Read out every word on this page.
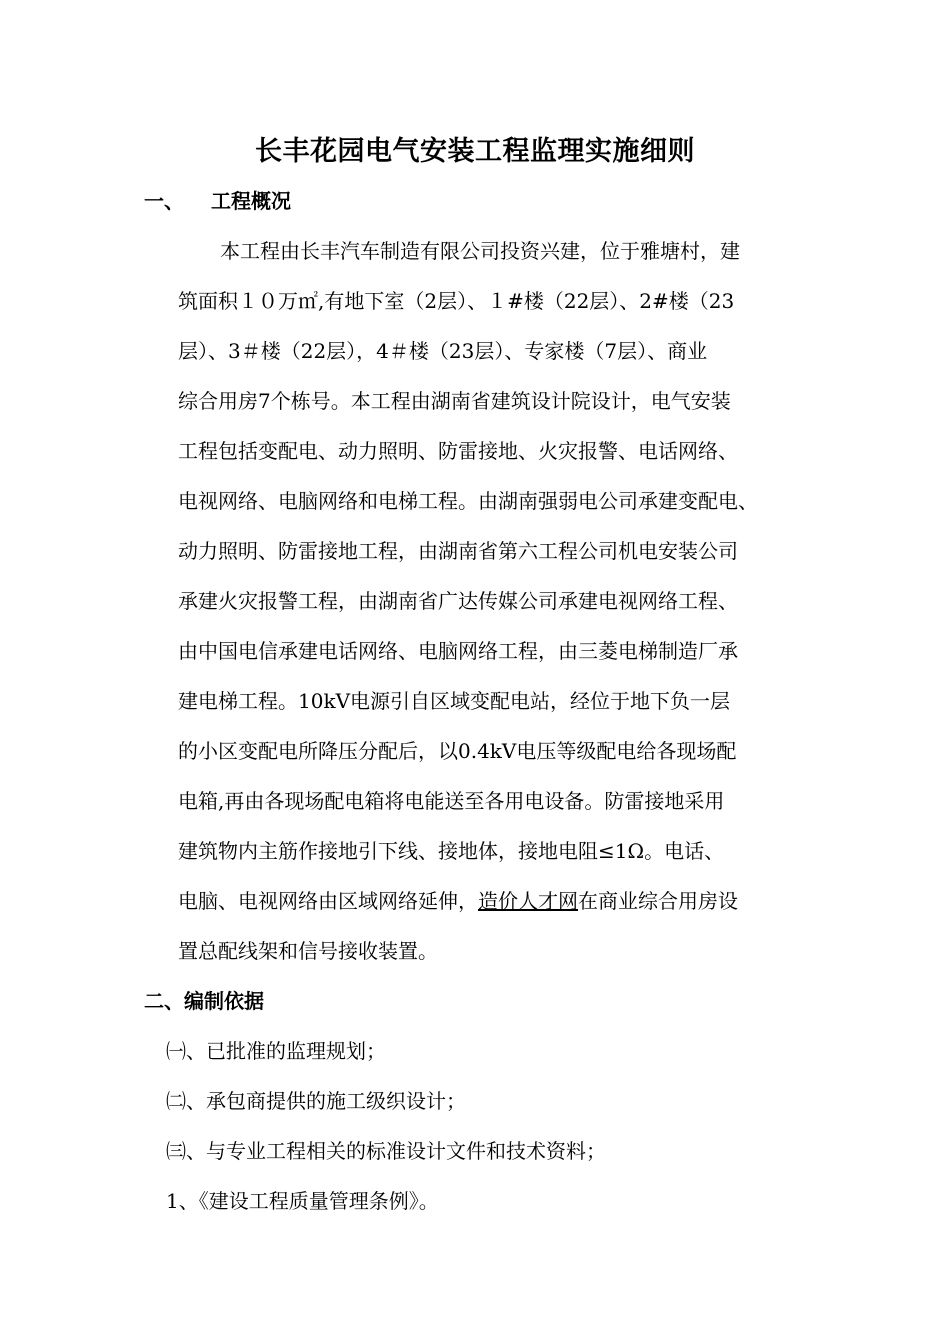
长丰花园电气安装工程监理实施细则
一、 工程概况
本工程由长丰汽车制造有限公司投资兴建，位于雅塘村，建
筑面积１０万㎡,有地下室（2层）、１#楼（22层）、2#楼（23
层）、3＃楼（22层），4＃楼（23层）、专家楼（7层）、商业
综合用房7个栋号。本工程由湖南省建筑设计院设计，电气安装
工程包括变配电、动力照明、防雷接地、火灾报警、电话网络、
电视网络、电脑网络和电梯工程。由湖南强弱电公司承建变配电、
动力照明、防雷接地工程，由湖南省第六工程公司机电安装公司
承建火灾报警工程，由湖南省广达传媒公司承建电视网络工程、
由中国电信承建电话网络、电脑网络工程，由三菱电梯制造厂承
建电梯工程。10kV电源引自区域变配电站，经位于地下负一层
的小区变配电所降压分配后，以0.4kV电压等级配电给各现场配
电箱,再由各现场配电箱将电能送至各用电设备。防雷接地采用
建筑物内主筋作接地引下线、接地体，接地电阻≤1Ω。电话、
电脑、电视网络由区域网络延伸，造价人才网在商业综合用房设
置总配线架和信号接收装置。
二、编制依据
㈠、已批准的监理规划；
㈡、承包商提供的施工级织设计；
㈢、与专业工程相关的标准设计文件和技术资料；
1、《建设工程质量管理条例》。
